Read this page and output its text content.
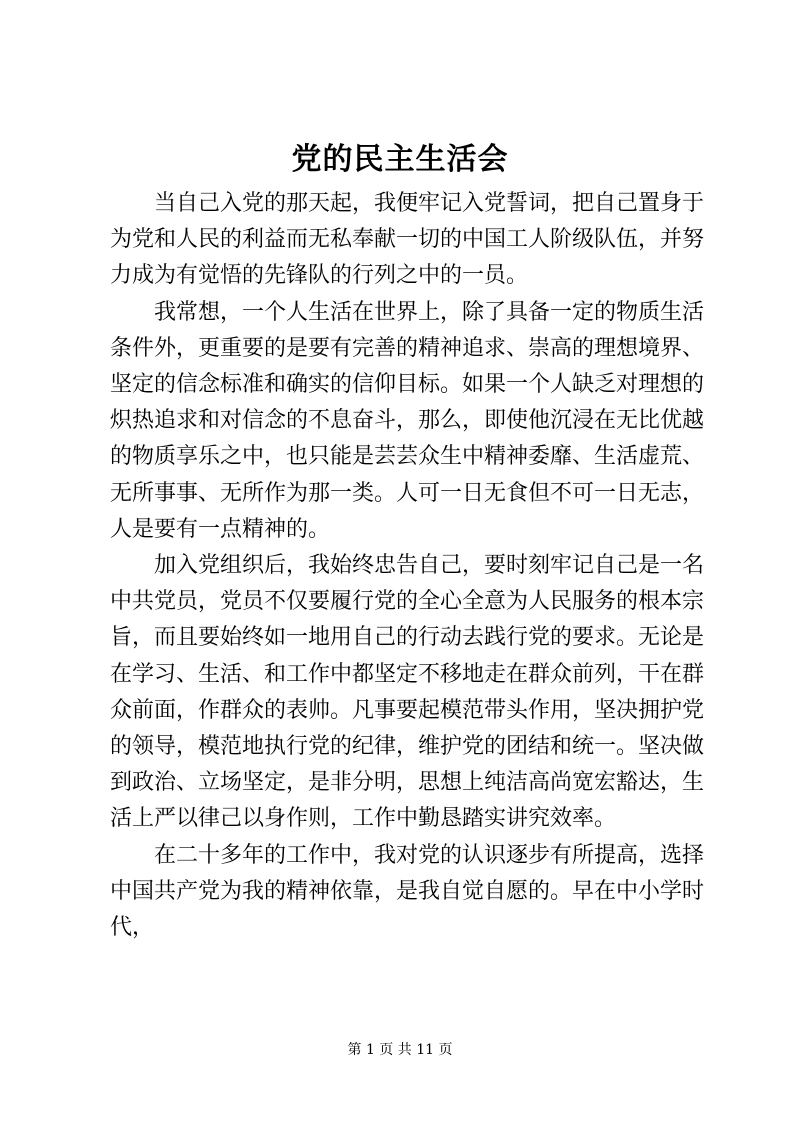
党的民主生活会

当自己入党的那天起，我便牢记入党誓词，把自己置身于为党和人民的利益而无私奉献一切的中国工人阶级队伍，并努力成为有觉悟的先锋队的行列之中的一员。

我常想，一个人生活在世界上，除了具备一定的物质生活条件外，更重要的是要有完善的精神追求、崇高的理想境界、坚定的信念标准和确实的信仰目标。如果一个人缺乏对理想的炽热追求和对信念的不息奋斗，那么，即使他沉浸在无比优越的物质享乐之中，也只能是芸芸众生中精神委靡、生活虚荒、无所事事、无所作为那一类。人可一日无食但不可一日无志，人是要有一点精神的。

加入党组织后，我始终忠告自己，要时刻牢记自己是一名中共党员，党员不仅要履行党的全心全意为人民服务的根本宗旨，而且要始终如一地用自己的行动去践行党的要求。无论是在学习、生活、和工作中都坚定不移地走在群众前列，干在群众前面，作群众的表帅。凡事要起模范带头作用，坚决拥护党的领导，模范地执行党的纪律，维护党的团结和统一。坚决做到政治、立场坚定，是非分明，思想上纯洁高尚宽宏豁达，生活上严以律己以身作则，工作中勤恳踏实讲究效率。

在二十多年的工作中，我对党的认识逐步有所提高，选择中国共产党为我的精神依靠，是我自觉自愿的。早在中小学时代，

第 1 页 共 11 页
